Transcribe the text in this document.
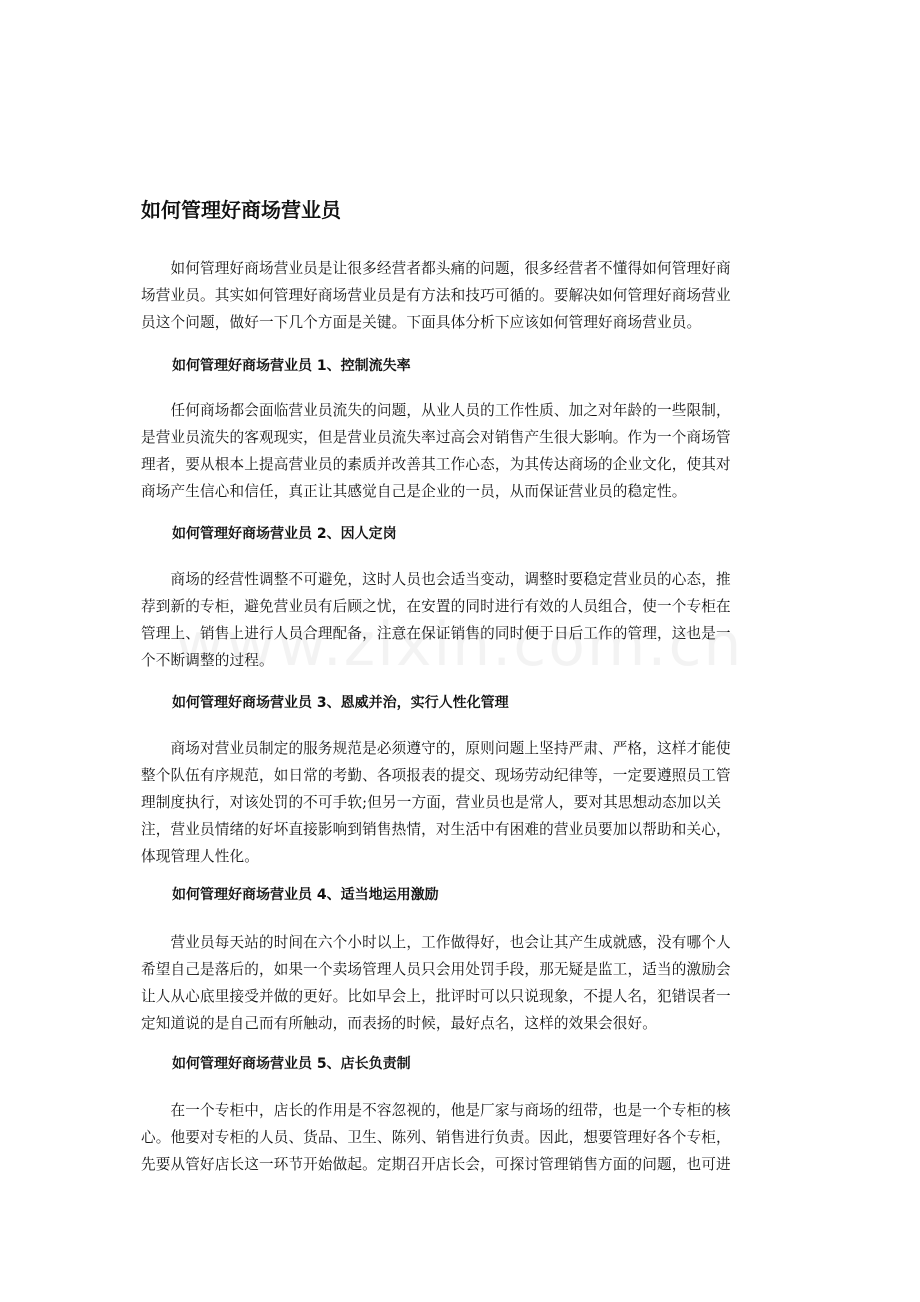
如何管理好商场营业员

　　如何管理好商场营业员是让很多经营者都头痛的问题，很多经营者不懂得如何管理好商
场营业员。其实如何管理好商场营业员是有方法和技巧可循的。要解决如何管理好商场营业
员这个问题，做好一下几个方面是关键。下面具体分析下应该如何管理好商场营业员。

如何管理好商场营业员 1、控制流失率

　　任何商场都会面临营业员流失的问题，从业人员的工作性质、加之对年龄的一些限制，
是营业员流失的客观现实，但是营业员流失率过高会对销售产生很大影响。作为一个商场管
理者，要从根本上提高营业员的素质并改善其工作心态，为其传达商场的企业文化，使其对
商场产生信心和信任，真正让其感觉自己是企业的一员，从而保证营业员的稳定性。

如何管理好商场营业员 2、因人定岗

　　商场的经营性调整不可避免，这时人员也会适当变动，调整时要稳定营业员的心态，推
荐到新的专柜，避免营业员有后顾之忧，在安置的同时进行有效的人员组合，使一个专柜在
管理上、销售上进行人员合理配备，注意在保证销售的同时便于日后工作的管理，这也是一
个不断调整的过程。

如何管理好商场营业员 3、恩威并治，实行人性化管理

　　商场对营业员制定的服务规范是必须遵守的，原则问题上坚持严肃、严格，这样才能使
整个队伍有序规范，如日常的考勤、各项报表的提交、现场劳动纪律等，一定要遵照员工管
理制度执行，对该处罚的不可手软;但另一方面，营业员也是常人，要对其思想动态加以关
注，营业员情绪的好坏直接影响到销售热情，对生活中有困难的营业员要加以帮助和关心，
体现管理人性化。

如何管理好商场营业员 4、适当地运用激励

　　营业员每天站的时间在六个小时以上，工作做得好，也会让其产生成就感，没有哪个人
希望自己是落后的，如果一个卖场管理人员只会用处罚手段，那无疑是监工，适当的激励会
让人从心底里接受并做的更好。比如早会上，批评时可以只说现象，不提人名，犯错误者一
定知道说的是自己而有所触动，而表扬的时候，最好点名，这样的效果会很好。

如何管理好商场营业员 5、店长负责制

　　在一个专柜中，店长的作用是不容忽视的，他是厂家与商场的纽带，也是一个专柜的核
心。他要对专柜的人员、货品、卫生、陈列、销售进行负责。因此，想要管理好各个专柜，
先要从管好店长这一环节开始做起。定期召开店长会，可探讨管理销售方面的问题，也可进
